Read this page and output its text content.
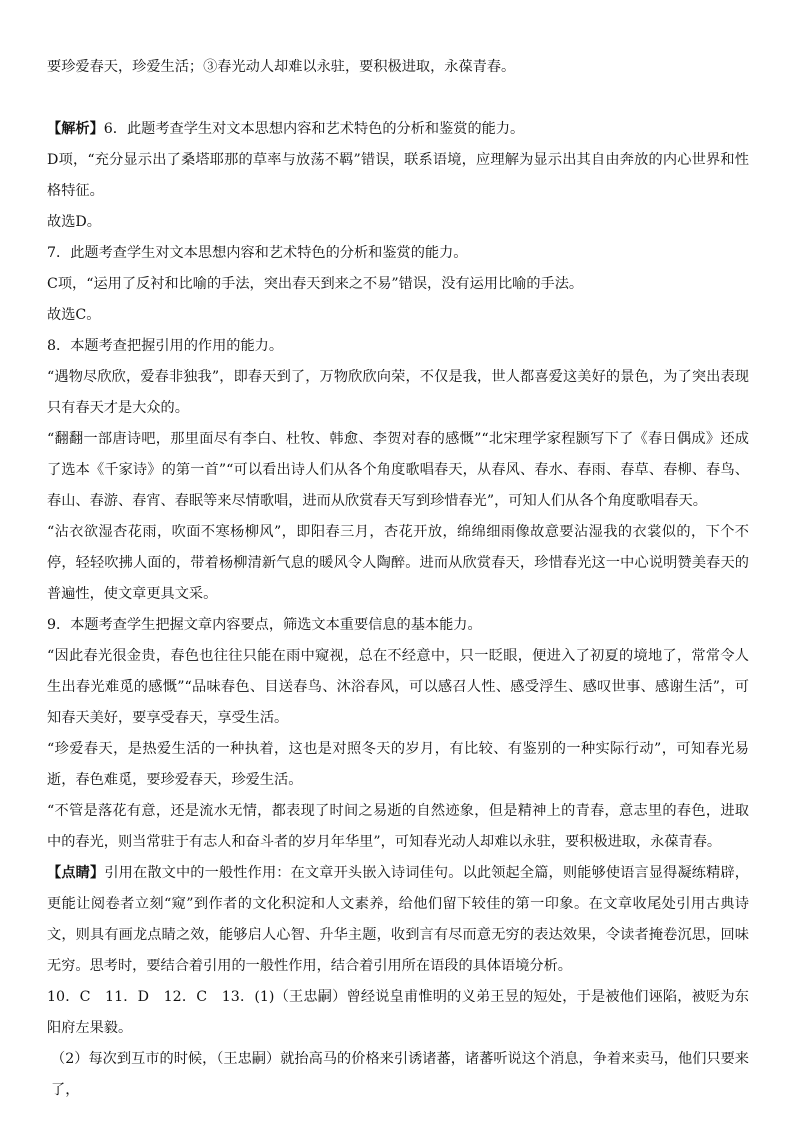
要珍爱春天，珍爱生活；③春光动人却难以永驻，要积极进取，永葆青春。

【解析】6．此题考查学生对文本思想内容和艺术特色的分析和鉴赏的能力。

D项，“充分显示出了桑塔耶那的草率与放荡不羁”错误，联系语境，应理解为显示出其自由奔放的内心世界和性格特征。

故选D。

7．此题考查学生对文本思想内容和艺术特色的分析和鉴赏的能力。

C项，“运用了反衬和比喻的手法，突出春天到来之不易”错误，没有运用比喻的手法。

故选C。

8．本题考查把握引用的作用的能力。

“遇物尽欣欣，爱春非独我”，即春天到了，万物欣欣向荣，不仅是我，世人都喜爱这美好的景色，为了突出表现只有春天才是大众的。

“翻翻一部唐诗吧，那里面尽有李白、杜牧、韩愈、李贺对春的感慨”“北宋理学家程颢写下了《春日偶成》还成了选本《千家诗》的第一首”“可以看出诗人们从各个角度歌唱春天，从春风、春水、春雨、春草、春柳、春鸟、春山、春游、春宵、春眠等来尽情歌唱，进而从欣赏春天写到珍惜春光”，可知人们从各个角度歌唱春天。

“沾衣欲湿杏花雨，吹面不寒杨柳风”，即阳春三月，杏花开放，绵绵细雨像故意要沾湿我的衣裳似的，下个不停，轻轻吹拂人面的，带着杨柳清新气息的暖风令人陶醉。进而从欣赏春天，珍惜春光这一中心说明赞美春天的普遍性，使文章更具文采。

9．本题考查学生把握文章内容要点，筛选文本重要信息的基本能力。

“因此春光很金贵，春色也往往只能在雨中窥视，总在不经意中，只一眨眼，便进入了初夏的境地了，常常令人生出春光难觅的感慨”“品味春色、目送春鸟、沐浴春风，可以感召人性、感受浮生、感叹世事、感谢生活”，可知春天美好，要享受春天，享受生活。

“珍爱春天，是热爱生活的一种执着，这也是对照冬天的岁月，有比较、有鉴别的一种实际行动”，可知春光易逝，春色难觅，要珍爱春天，珍爱生活。

“不管是落花有意，还是流水无情，都表现了时间之易逝的自然迹象，但是精神上的青春，意志里的春色，进取中的春光，则当常驻于有志人和奋斗者的岁月年华里”，可知春光动人却难以永驻，要积极进取，永葆青春。

【点睛】引用在散文中的一般性作用：在文章开头嵌入诗词佳句。以此领起全篇，则能够使语言显得凝练精辟，更能让阅卷者立刻“窥”到作者的文化积淀和人文素养，给他们留下较佳的第一印象。在文章收尾处引用古典诗文，则具有画龙点睛之效，能够启人心智、升华主题，收到言有尽而意无穷的表达效果，令读者掩卷沉思，回味无穷。思考时，要结合着引用的一般性作用，结合着引用所在语段的具体语境分析。

10．C　11．D　12．C　13．(1)（王忠嗣）曾经说皇甫惟明的义弟王昱的短处，于是被他们诬陷，被贬为东阳府左果毅。

（2）每次到互市的时候，（王忠嗣）就抬高马的价格来引诱诸蕃，诸蕃听说这个消息，争着来卖马，他们只要来了，
